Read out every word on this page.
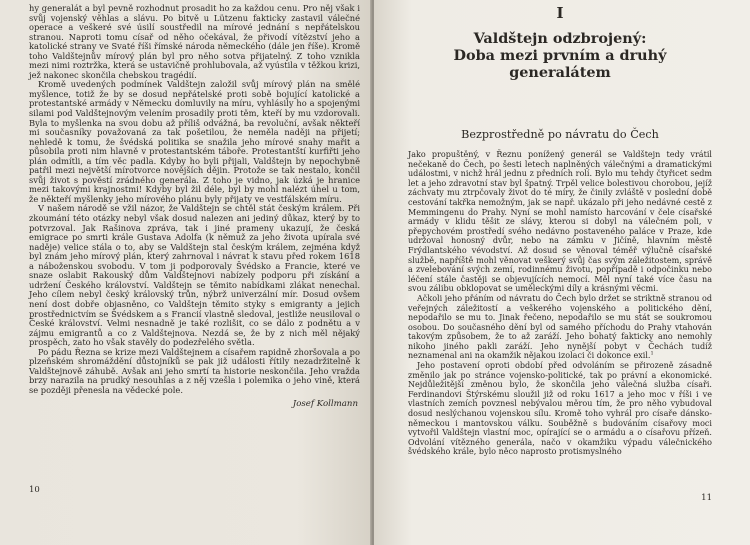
hy generalát a byl pevně rozhodnut prosadit ho za každou cenu. Pro něj však i svůj vojenský věhlas a slávu. Po bitvě u Lützenu fakticky zastavil válečné operace a veškeré své úsilí soustředil na mírové jednání s nepřátelskou stranou. Naproti tomu císař od něho očekával, že přivodí vítězství jeho a katolické strany ve Svaté říši římské národa německého (dále jen říše). Kromě toho Valdštejnův mírový plán byl pro něho sotva přijatelný. Z toho vznikla mezi nimi roztržka, která se ustavičně prohlubovala, až vyústila v těžkou krizi, jež nakonec skončila chebskou tragédií.

Kromě uvedených podmínek Valdštejn založil svůj mírový plán na smělé myšlence, totiž že by se dosud nepřátelské proti sobě bojující katolické a protestantské armády v Německu domluvily na míru, vyhlásily ho a spojenými silami pod Valdštejnovým velením prosadily proti těm, kteří by mu vzdorovali. Byla to myšlenka na svou dobu až příliš odvážná, ba revoluční, avšak někteří mi současníky považovaná za tak pošetilou, že neměla naději na přijetí; nehledě k tomu, že švédská politika se snažila jeho mírové snahy mařit a působila proti nim hlavně v protestantském táboře. Protestantští kurfiřti jeho plán odmítli, a tím věc padla. Kdyby ho byli přijali, Valdštejn by nepochybně patřil mezi největší mírotvorce novějších dějin. Protože se tak nestalo, končil svůj život s pověstí zrádného generála. Z toho je vidno, jak úzká je hranice mezi takovými krajnostmi! Kdyby byl žil déle, byl by mohl nalézt úhel u tom, že někteří myšlenky jeho mírového plánu byly přijaty ve vestfálském míru.

V našem národě se vžil názor, že Valdštejn se chtěl stát českým králem. Při zkoumání této otázky nebyl však dosud nalezen ani jediný důkaz, který by to potvrzoval. Jak Rašinova zpráva, tak i jiné prameny ukazují, že česká emigrace po smrti krále Gustava Adolfa (k němuž za jeho života upírala své naděje) velice stála o to, aby se Valdštejn stal českým králem, zejména když byl znám jeho mírový plán, který zahrnoval i návrat k stavu před rokem 1618 a náboženskou svobodu. V tom ji podporovaly Švédsko a Francie, které ve snaze oslabit Rakouský dům Valdštejnovi nabízely podporu při získání a udržení Českého království. Valdštejn se těmito nabídkami zlákat nenechal. Jeho cílem nebyl český královský trůn, nýbrž univerzální mír. Dosud ovšem není dost dobře objasněno, co Valdštejn těmito styky s emigranty a jejich prostřednictvím se Švédskem a s Francií vlastně sledoval, jestliže neusiloval o České království. Velmi nesnadně je také rozlišit, co se dálo z podnětu a v zájmu emigrantů a co z Valdštejnova. Nezdá se, že by z nich měl nějaký prospěch, zato ho však stavěly do podezřelého světla.

Po pádu Řezna se krize mezi Valdštejnem a císařem rapidně zhoršovala a po plzeňském shromáždění důstojníků se pak již události řítily nezadržitelně k Valdštejnově záhubě. Avšak ani jeho smrtí ta historie neskončila. Jeho vražda brzy narazila na prudký nesouhlas a z něj vzešla i polemika o jeho vině, která se později přenesla na vědecké pole.

Josef Kollmann
10
I
Valdštejn odzbrojený:
Doba mezi prvním a druhý generalátem
Bezprostředně po návratu do Čech

Jako propuštěný, v Řeznu ponížený generál se Valdštejn tedy vrátil nečekaně do Čech, po šesti letech naplněných válečnými a dramatickými událostmi, v nichž hrál jednu z předních rolí. Bylo mu tehdy čtyřicet sedm let a jeho zdravotní stav byl špatný. Trpěl velice bolestivou chorobou, jejíž záchvaty mu ztrpčovaly život do té míry, že činily zvláště v poslední době cestování takřka nemožným, jak se např. ukázalo při jeho nedávné cestě z Memmingenu do Prahy. Nyní se mohl namísto harcování v čele císařské armády v klidu těšit ze slávy, kterou si dobyl na válečném poli, v přepychovém prostředí svého nedávno postaveného paláce v Praze, kde udržoval honosný dvůr, nebo na zámku v Jičíně, hlavním městě Frýdlantského vévodství. Až dosud se věnoval téměř výlučně císařské službě, napříště mohl věnovat veškerý svůj čas svým záležitostem, správě a zvelebování svých zemí, rodinnému životu, popřípadě i odpočinku nebo léčení stále častěji se objevujících nemocí. Měl nyní také více času na svou zálibu obklopovat se uměleckými díly a krásnými věcmi.

Ačkoli jeho přáním od návratu do Čech bylo držet se striktně stranou od veřejných záležitostí a veškerého vojenského a politického dění, nepodařilo se mu to. Jinak řečeno, nepodařilo se mu stát se soukromou osobou. Do současného dění byl od samého příchodu do Prahy vtahován takovým způsobem, že to až zaráží. Jeho bohatý fakticky ano nemohly nikoho jiného pakli zaráží. Jeho nynější pobyt v Čechách tudíž neznamenal ani na okamžik nějakou izolaci či dokonce exil.$^1$

Jeho postavení oproti období před odvoláním se přirozeně zásadně změnilo jak po stránce vojensko-politické, tak po právní a ekonomické. Nejdůležitější změnou bylo, že skončila jeho válečná služba císaři. Ferdinandovi Štýrskému sloužil již od roku 1617 a jeho moc v říši i ve vlastních zemích povznesl nebývalou měrou tím, že pro něho vybudoval dosud neslýchanou vojenskou sílu. Kromě toho vyhrál pro císaře dánsko-německou i mantovskou válku. Souběžně s budováním císařovy moci vytvořil Valdštejn vlastní moc, opírající se o armádu a o císařovu přízeň. Odvolání vítězného generála, načo v okamžiku výpadu válečnického švédského krále, bylo něco naprosto protismyslného

11
